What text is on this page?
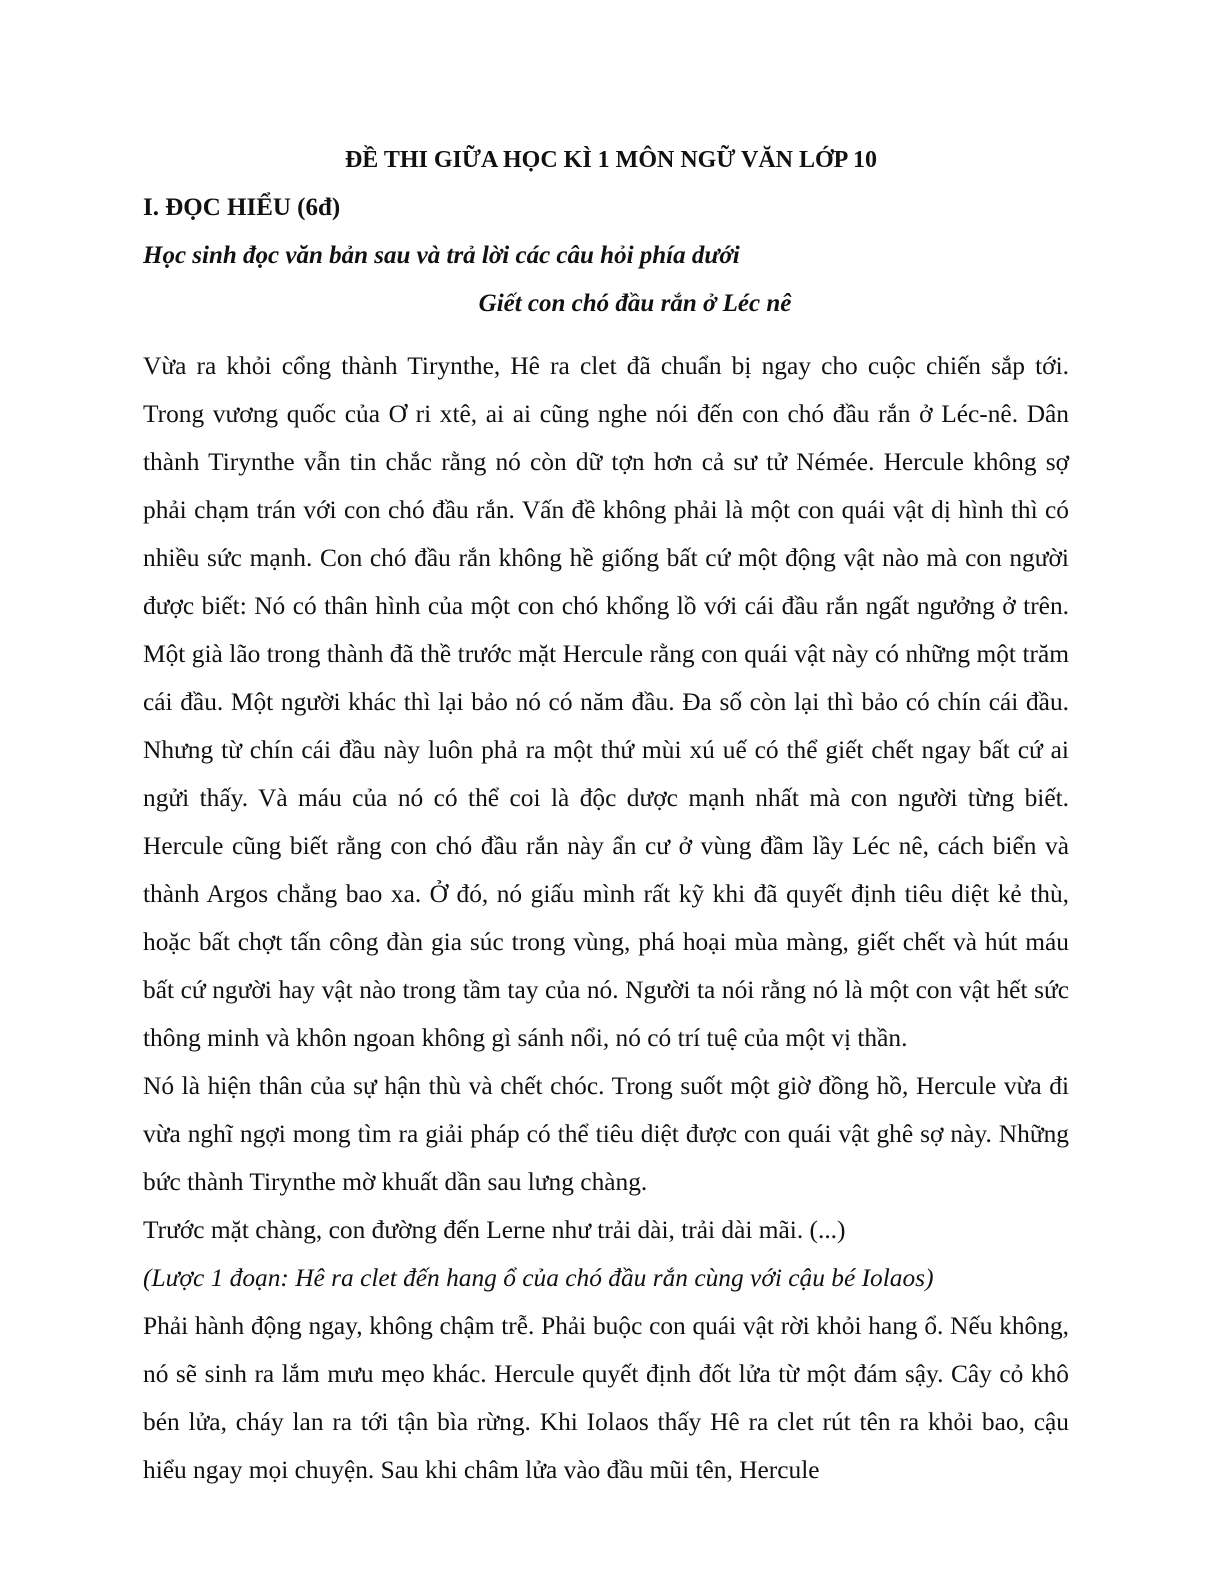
ĐỀ THI GIỮA HỌC KÌ 1 MÔN NGỮ VĂN LỚP 10
I. ĐỌC HIỂU (6đ)

Học sinh đọc văn bản sau và trả lời các câu hỏi phía dưới

Giết con chó đầu rắn ở Léc nê

Vừa ra khỏi cổng thành Tirynthe, Hê ra clet đã chuẩn bị ngay cho cuộc chiến sắp tới. Trong vương quốc của Ơ ri xtê, ai ai cũng nghe nói đến con chó đầu rắn ở Léc-nê. Dân thành Tirynthe vẫn tin chắc rằng nó còn dữ tợn hơn cả sư tử Némée. Hercule không sợ phải chạm trán với con chó đầu rắn. Vấn đề không phải là một con quái vật dị hình thì có nhiều sức mạnh. Con chó đầu rắn không hề giống bất cứ một động vật nào mà con người được biết: Nó có thân hình của một con chó khổng lồ với cái đầu rắn ngất ngưởng ở trên. Một già lão trong thành đã thề trước mặt Hercule rằng con quái vật này có những một trăm cái đầu. Một người khác thì lại bảo nó có năm đầu. Đa số còn lại thì bảo có chín cái đầu. Nhưng từ chín cái đầu này luôn phả ra một thứ mùi xú uế có thể giết chết ngay bất cứ ai ngửi thấy. Và máu của nó có thể coi là độc dược mạnh nhất mà con người từng biết. Hercule cũng biết rằng con chó đầu rắn này ẩn cư ở vùng đầm lầy Léc nê, cách biển và thành Argos chẳng bao xa. Ở đó, nó giấu mình rất kỹ khi đã quyết định tiêu diệt kẻ thù, hoặc bất chợt tấn công đàn gia súc trong vùng, phá hoại mùa màng, giết chết và hút máu bất cứ người hay vật nào trong tầm tay của nó. Người ta nói rằng nó là một con vật hết sức thông minh và khôn ngoan không gì sánh nổi, nó có trí tuệ của một vị thần.

Nó là hiện thân của sự hận thù và chết chóc. Trong suốt một giờ đồng hồ, Hercule vừa đi vừa nghĩ ngợi mong tìm ra giải pháp có thể tiêu diệt được con quái vật ghê sợ này. Những bức thành Tirynthe mờ khuất dần sau lưng chàng.

Trước mặt chàng, con đường đến Lerne như trải dài, trải dài mãi. (...)

(Lược 1 đoạn: Hê ra clet đến hang ổ của chó đầu rắn cùng với cậu bé Iolaos)

Phải hành động ngay, không chậm trễ. Phải buộc con quái vật rời khỏi hang ổ. Nếu không, nó sẽ sinh ra lắm mưu mẹo khác. Hercule quyết định đốt lửa từ một đám sậy. Cây cỏ khô bén lửa, cháy lan ra tới tận bìa rừng. Khi Iolaos thấy Hê ra clet rút tên ra khỏi bao, cậu hiểu ngay mọi chuyện. Sau khi châm lửa vào đầu mũi tên, Hercule
